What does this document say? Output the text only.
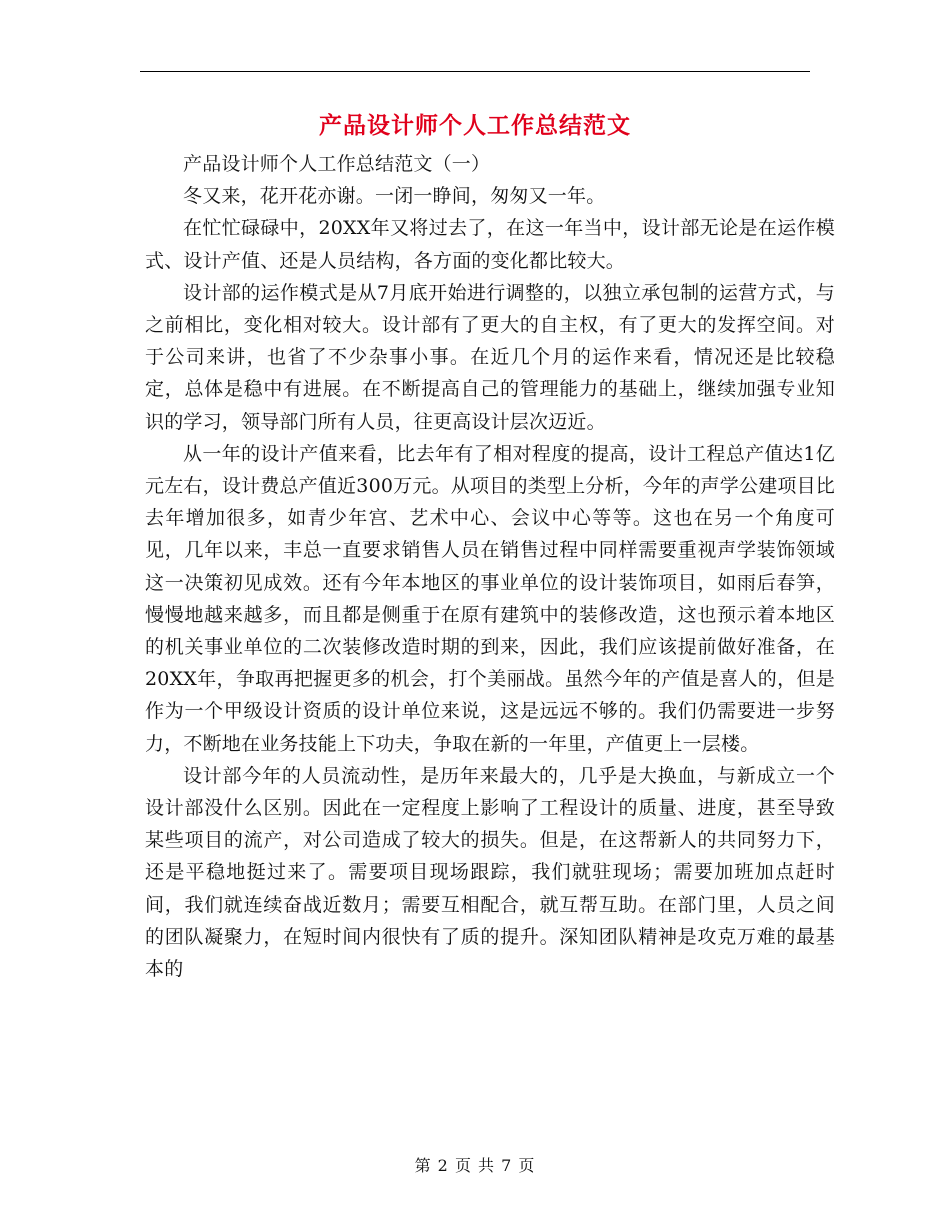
产品设计师个人工作总结范文

产品设计师个人工作总结范文（一）

冬又来，花开花亦谢。一闭一睁间，匆匆又一年。

在忙忙碌碌中，20XX年又将过去了，在这一年当中，设计部无论是在运作模式、设计产值、还是人员结构，各方面的变化都比较大。

设计部的运作模式是从7月底开始进行调整的，以独立承包制的运营方式，与之前相比，变化相对较大。设计部有了更大的自主权，有了更大的发挥空间。对于公司来讲，也省了不少杂事小事。在近几个月的运作来看，情况还是比较稳定，总体是稳中有进展。在不断提高自己的管理能力的基础上，继续加强专业知识的学习，领导部门所有人员，往更高设计层次迈近。

从一年的设计产值来看，比去年有了相对程度的提高，设计工程总产值达1亿元左右，设计费总产值近300万元。从项目的类型上分析，今年的声学公建项目比去年增加很多，如青少年宫、艺术中心、会议中心等等。这也在另一个角度可见，几年以来，丰总一直要求销售人员在销售过程中同样需要重视声学装饰领域这一决策初见成效。还有今年本地区的事业单位的设计装饰项目，如雨后春笋，慢慢地越来越多，而且都是侧重于在原有建筑中的装修改造，这也预示着本地区的机关事业单位的二次装修改造时期的到来，因此，我们应该提前做好准备，在20XX年，争取再把握更多的机会，打个美丽战。虽然今年的产值是喜人的，但是作为一个甲级设计资质的设计单位来说，这是远远不够的。我们仍需要进一步努力，不断地在业务技能上下功夫，争取在新的一年里，产值更上一层楼。

设计部今年的人员流动性，是历年来最大的，几乎是大换血，与新成立一个设计部没什么区别。因此在一定程度上影响了工程设计的质量、进度，甚至导致某些项目的流产，对公司造成了较大的损失。但是，在这帮新人的共同努力下，还是平稳地挺过来了。需要项目现场跟踪，我们就驻现场；需要加班加点赶时间，我们就连续奋战近数月；需要互相配合，就互帮互助。在部门里，人员之间的团队凝聚力，在短时间内很快有了质的提升。深知团队精神是攻克万难的最基本的

第 2 页 共 7 页
